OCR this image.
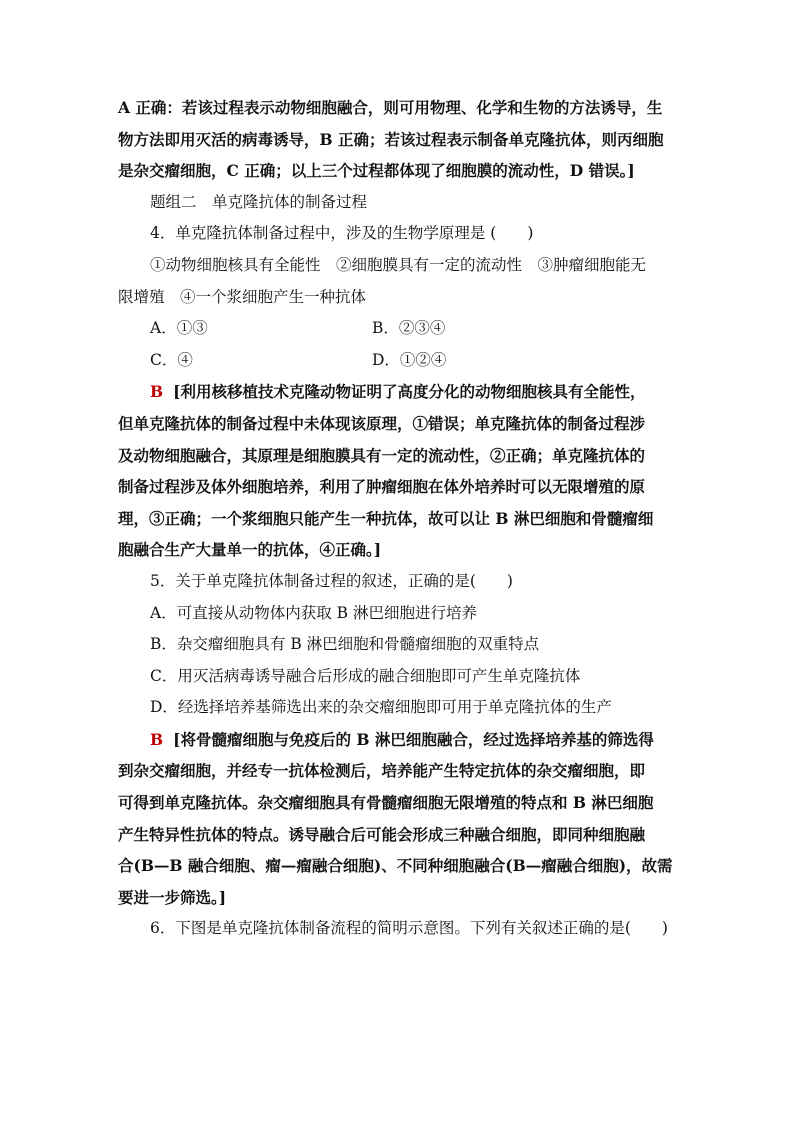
A 正确：若该过程表示动物细胞融合，则可用物理、化学和生物的方法诱导，生
物方法即用灭活的病毒诱导，B 正确；若该过程表示制备单克隆抗体，则丙细胞
是杂交瘤细胞，C 正确；以上三个过程都体现了细胞膜的流动性，D 错误。]
题组二　单克隆抗体的制备过程
4．单克隆抗体制备过程中，涉及的生物学原理是 (　　)
①动物细胞核具有全能性　②细胞膜具有一定的流动性　③肿瘤细胞能无
限增殖　④一个浆细胞产生一种抗体
A．①③	B．②③④
C．④	D．①②④
B [利用核移植技术克隆动物证明了高度分化的动物细胞核具有全能性，
但单克隆抗体的制备过程中未体现该原理，①错误；单克隆抗体的制备过程涉
及动物细胞融合，其原理是细胞膜具有一定的流动性，②正确；单克隆抗体的
制备过程涉及体外细胞培养，利用了肿瘤细胞在体外培养时可以无限增殖的原
理，③正确；一个浆细胞只能产生一种抗体，故可以让 B 淋巴细胞和骨髓瘤细
胞融合生产大量单一的抗体，④正确。]
5．关于单克隆抗体制备过程的叙述，正确的是(　　)
A．可直接从动物体内获取 B 淋巴细胞进行培养
B．杂交瘤细胞具有 B 淋巴细胞和骨髓瘤细胞的双重特点
C．用灭活病毒诱导融合后形成的融合细胞即可产生单克隆抗体
D．经选择培养基筛选出来的杂交瘤细胞即可用于单克隆抗体的生产
B [将骨髓瘤细胞与免疫后的 B 淋巴细胞融合，经过选择培养基的筛选得
到杂交瘤细胞，并经专一抗体检测后，培养能产生特定抗体的杂交瘤细胞，即
可得到单克隆抗体。杂交瘤细胞具有骨髓瘤细胞无限增殖的特点和 B 淋巴细胞
产生特异性抗体的特点。诱导融合后可能会形成三种融合细胞，即同种细胞融
合(B—B 融合细胞、瘤—瘤融合细胞)、不同种细胞融合(B—瘤融合细胞)，故需
要进一步筛选。]
6．下图是单克隆抗体制备流程的简明示意图。下列有关叙述正确的是(　　)
